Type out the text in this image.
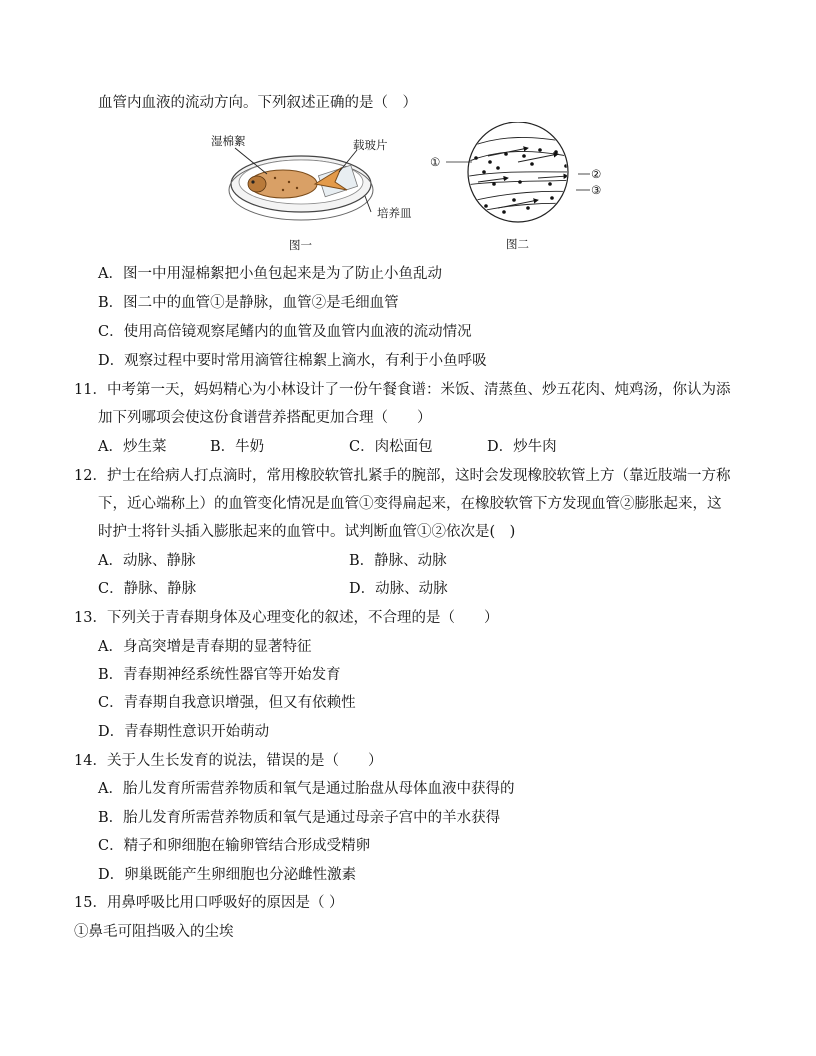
血管内血液的流动方向。下列叙述正确的是（　）
湿棉絮	载玻片
培养皿
图一
①
②
③
图二
A．图一中用湿棉絮把小鱼包起来是为了防止小鱼乱动
B．图二中的血管①是静脉，血管②是毛细血管
C．使用高倍镜观察尾鳍内的血管及血管内血液的流动情况
D．观察过程中要时常用滴管往棉絮上滴水，有利于小鱼呼吸
11．中考第一天，妈妈精心为小林设计了一份午餐食谱：米饭、清蒸鱼、炒五花肉、炖鸡汤，你认为添
加下列哪项会使这份食谱营养搭配更加合理（　　）
A．炒生菜	B．牛奶	C．肉松面包	D．炒牛肉
12．护士在给病人打点滴时，常用橡胶软管扎紧手的腕部，这时会发现橡胶软管上方（靠近肢端一方称
下，近心端称上）的血管变化情况是血管①变得扁起来，在橡胶软管下方发现血管②膨胀起来，这
时护士将针头插入膨胀起来的血管中。试判断血管①②依次是(　)
A．动脉、静脉	B．静脉、动脉
C．静脉、静脉	D．动脉、动脉
13．下列关于青春期身体及心理变化的叙述，不合理的是（　　）
A．身高突增是青春期的显著特征
B．青春期神经系统性器官等开始发育
C．青春期自我意识增强，但又有依赖性
D．青春期性意识开始萌动
14．关于人生长发育的说法，错误的是（　　）
A．胎儿发育所需营养物质和氧气是通过胎盘从母体血液中获得的
B．胎儿发育所需营养物质和氧气是通过母亲子宫中的羊水获得
C．精子和卵细胞在输卵管结合形成受精卵
D．卵巢既能产生卵细胞也分泌雌性激素
15．用鼻呼吸比用口呼吸好的原因是（ ）
①鼻毛可阻挡吸入的尘埃
